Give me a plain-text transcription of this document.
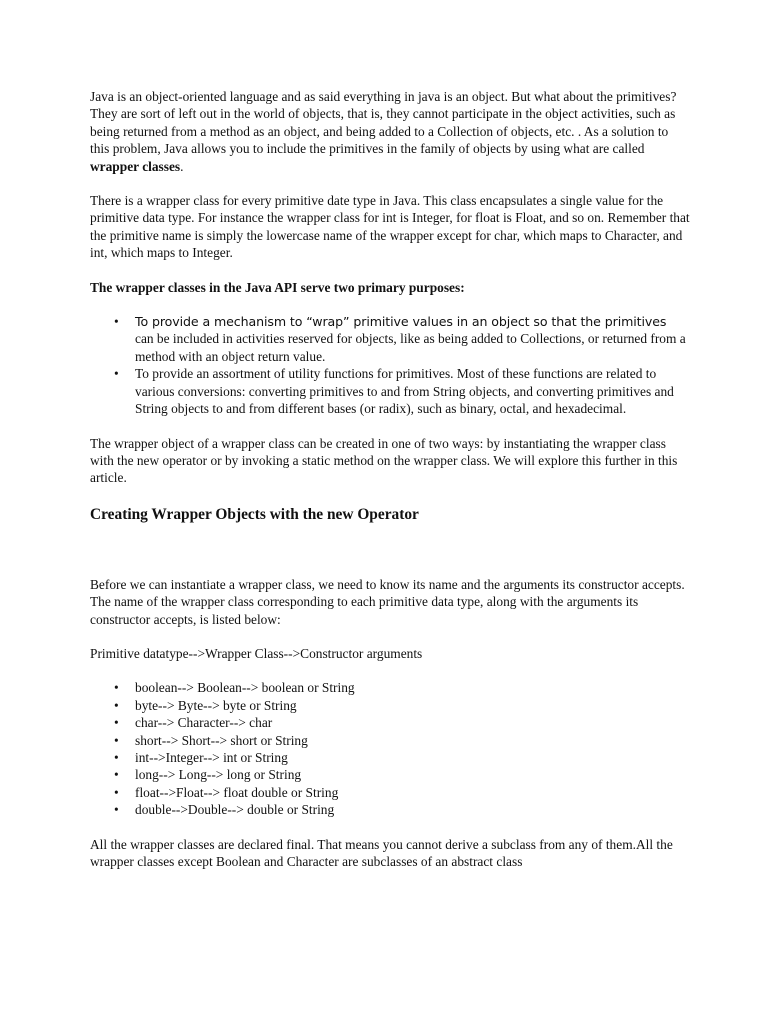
Java is an object-oriented language and as said everything in java is an object. But what about the primitives? They are sort of left out in the world of objects, that is, they cannot participate in the object activities, such as being returned from a method as an object, and being added to a Collection of objects, etc. . As a solution to this problem, Java allows you to include the primitives in the family of objects by using what are called wrapper classes.

There is a wrapper class for every primitive date type in Java. This class encapsulates a single value for the primitive data type. For instance the wrapper class for int is Integer, for float is Float, and so on. Remember that the primitive name is simply the lowercase name of the wrapper except for char, which maps to Character, and int, which maps to Integer.

The wrapper classes in the Java API serve two primary purposes:

• To provide a mechanism to “wrap” primitive values in an object so that the primitives
can be included in activities reserved for objects, like as being added to Collections, or returned from a method with an object return value.
• To provide an assortment of utility functions for primitives. Most of these functions are related to various conversions: converting primitives to and from String objects, and converting primitives and String objects to and from different bases (or radix), such as binary, octal, and hexadecimal.

The wrapper object of a wrapper class can be created in one of two ways: by instantiating the wrapper class with the new operator or by invoking a static method on the wrapper class. We will explore this further in this article.

Creating Wrapper Objects with the new Operator

Before we can instantiate a wrapper class, we need to know its name and the arguments its constructor accepts. The name of the wrapper class corresponding to each primitive data type, along with the arguments its constructor accepts, is listed below:

Primitive datatype-->Wrapper Class-->Constructor arguments

• boolean--> Boolean--> boolean or String
• byte--> Byte--> byte or String
• char--> Character--> char
• short--> Short--> short or String
• int-->Integer--> int or String
• long--> Long--> long or String
• float-->Float--> float double or String
• double-->Double--> double or String

All the wrapper classes are declared final. That means you cannot derive a subclass from any of them.All the wrapper classes except Boolean and Character are subclasses of an abstract class
